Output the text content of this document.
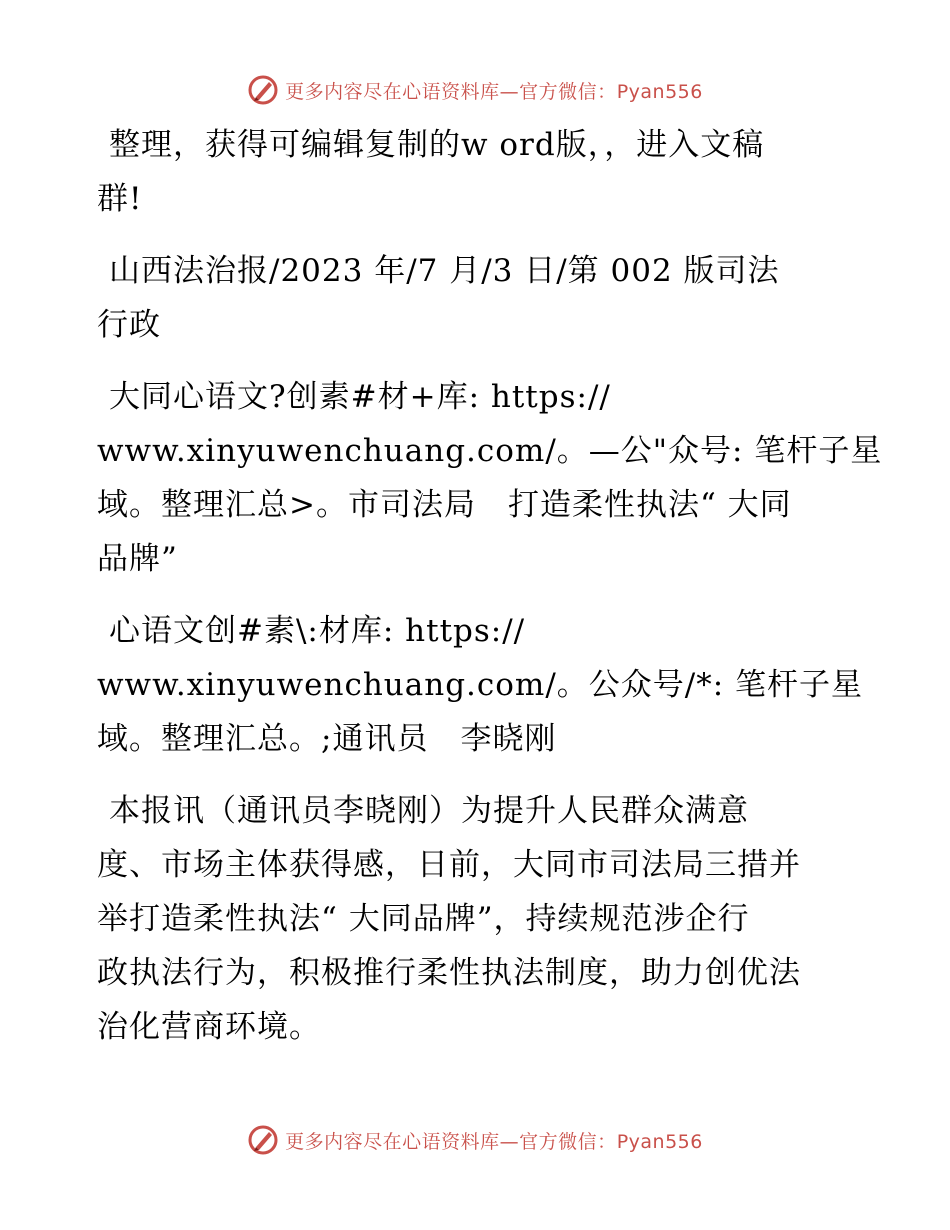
更多内容尽在心语资料库—官方微信：Pyan556
整理，获得可编辑复制的w ord版，，进入文稿
群!
山西法治报/2023 年/7 月/3 日/第 002 版司法
行政
大同心语文?创素#材+库: https://
www.xinyuwenchuang.com/。—公"众号: 笔杆子星
域。整理汇总>。市司法局　打造柔性执法“ 大同
品牌”
心语文创#素\:材库: https://
www.xinyuwenchuang.com/。公众号/*: 笔杆子星
域。整理汇总。;通讯员　李晓刚
本报讯（通讯员李晓刚）为提升人民群众满意
度、市场主体获得感，日前，大同市司法局三措并
举打造柔性执法“ 大同品牌”，持续规范涉企行
政执法行为，积极推行柔性执法制度，助力创优法
治化营商环境。
更多内容尽在心语资料库—官方微信：Pyan556
